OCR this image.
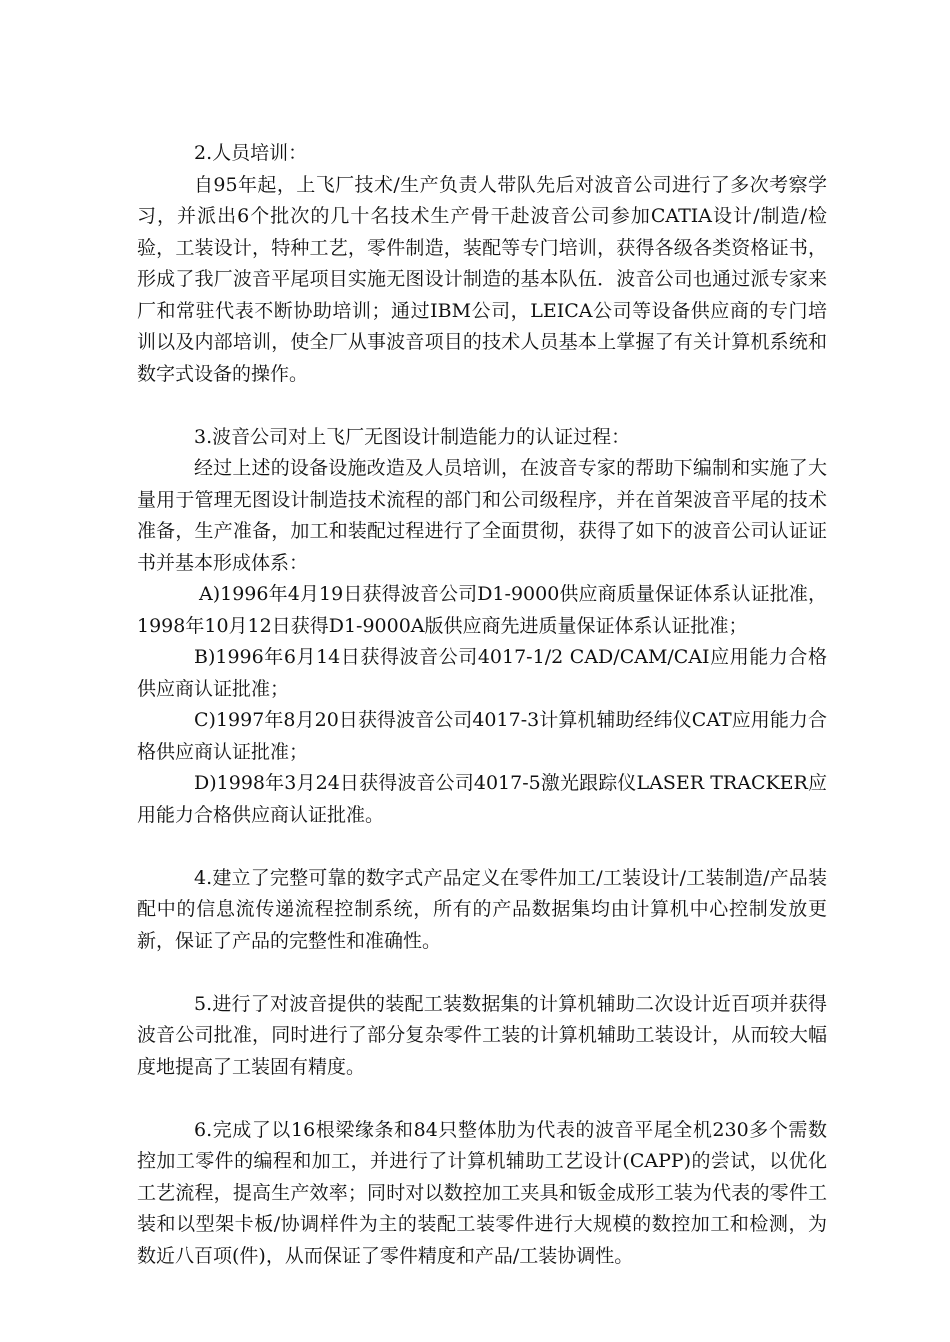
2.人员培训：

自95年起，上飞厂技术/生产负责人带队先后对波音公司进行了多次考察学习，并派出6个批次的几十名技术生产骨干赴波音公司参加CATIA设计/制造/检验，工装设计，特种工艺，零件制造，装配等专门培训，获得各级各类资格证书，形成了我厂波音平尾项目实施无图设计制造的基本队伍．波音公司也通过派专家来厂和常驻代表不断协助培训；通过IBM公司，LEICA公司等设备供应商的专门培训以及内部培训，使全厂从事波音项目的技术人员基本上掌握了有关计算机系统和数字式设备的操作。

3.波音公司对上飞厂无图设计制造能力的认证过程：

经过上述的设备设施改造及人员培训，在波音专家的帮助下编制和实施了大量用于管理无图设计制造技术流程的部门和公司级程序，并在首架波音平尾的技术准备，生产准备，加工和装配过程进行了全面贯彻，获得了如下的波音公司认证证书并基本形成体系：

A)1996年4月19日获得波音公司D1-9000供应商质量保证体系认证批准，1998年10月12日获得D1-9000A版供应商先进质量保证体系认证批准；

B)1996年6月14日获得波音公司4017-1/2 CAD/CAM/CAI应用能力合格供应商认证批准；

C)1997年8月20日获得波音公司4017-3计算机辅助经纬仪CAT应用能力合格供应商认证批准；

D)1998年3月24日获得波音公司4017-5激光跟踪仪LASER TRACKER应用能力合格供应商认证批准。

4.建立了完整可靠的数字式产品定义在零件加工/工装设计/工装制造/产品装配中的信息流传递流程控制系统，所有的产品数据集均由计算机中心控制发放更新，保证了产品的完整性和准确性。

5.进行了对波音提供的装配工装数据集的计算机辅助二次设计近百项并获得波音公司批准，同时进行了部分复杂零件工装的计算机辅助工装设计，从而较大幅度地提高了工装固有精度。

6.完成了以16根梁缘条和84只整体肋为代表的波音平尾全机230多个需数控加工零件的编程和加工，并进行了计算机辅助工艺设计(CAPP)的尝试，以优化工艺流程，提高生产效率；同时对以数控加工夹具和钣金成形工装为代表的零件工装和以型架卡板/协调样件为主的装配工装零件进行大规模的数控加工和检测，为数近八百项(件)，从而保证了零件精度和产品/工装协调性。
